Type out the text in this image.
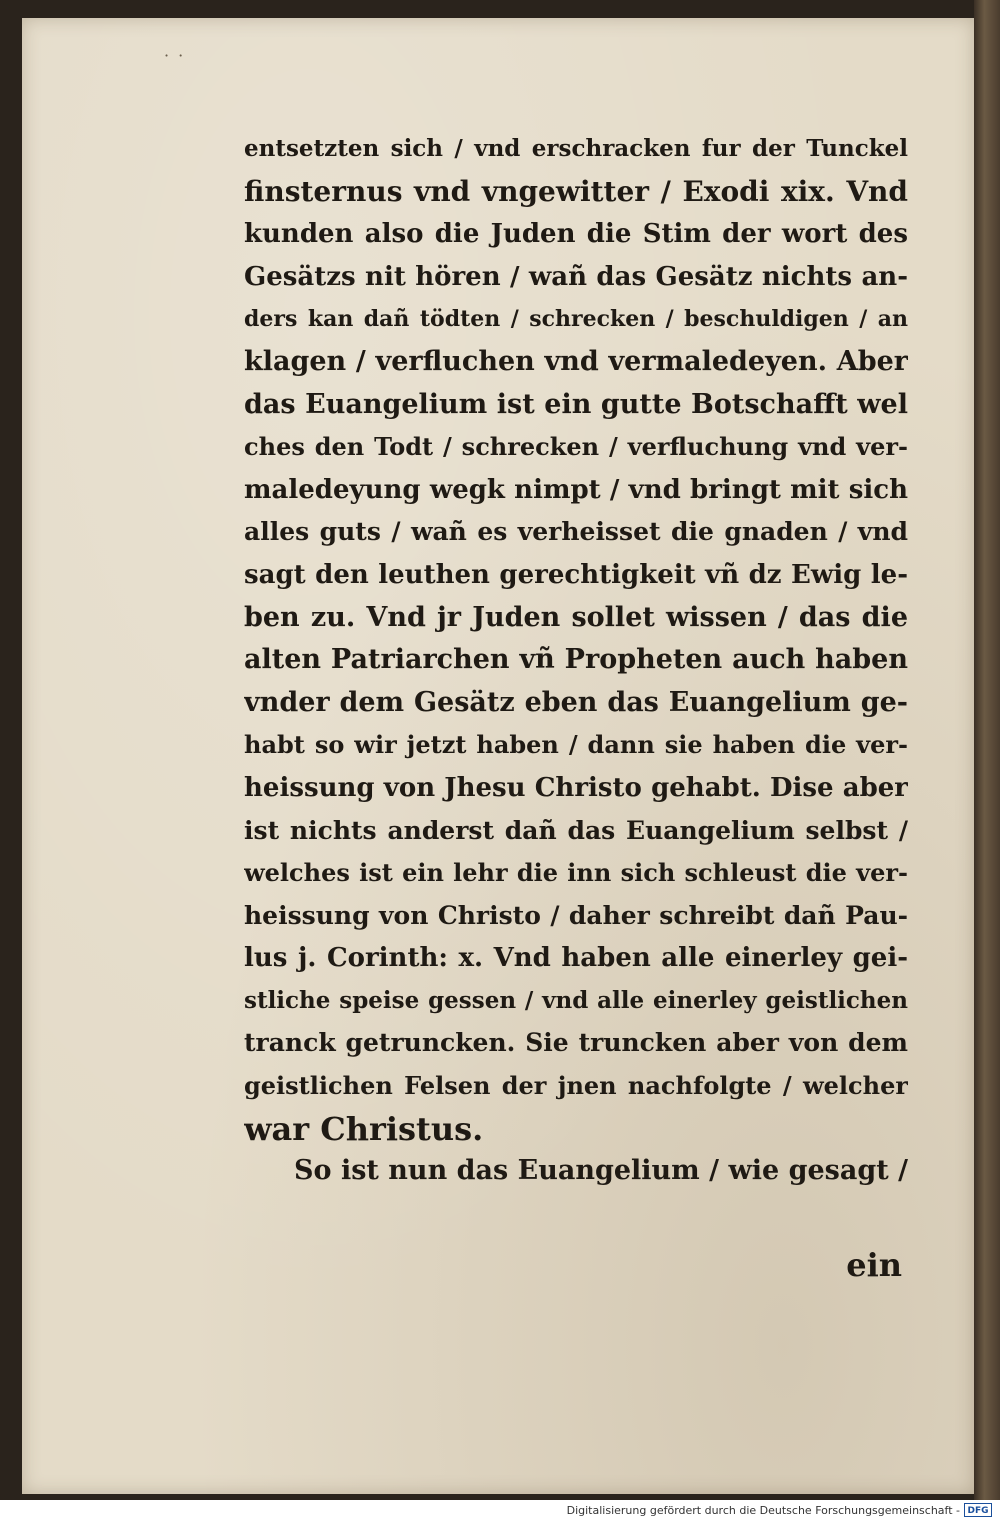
· ·
entsetzten sich / vnd erschracken fur der Tunckel
finsternus vnd vngewitter / Exodi xix. Vnd
kunden also die Juden die Stim der wort des
Gesätzs nit hören / wañ das Gesätz nichts an-
ders kan dañ tödten / schrecken / beschuldigen / an
klagen / verfluchen vnd vermaledeyen. Aber
das Euangelium ist ein gutte Botschafft wel
ches den Todt / schrecken / verfluchung vnd ver-
maledeyung wegk nimpt / vnd bringt mit sich
alles guts / wañ es verheisset die gnaden / vnd
sagt den leuthen gerechtigkeit vñ dz Ewig le-
ben zu. Vnd jr Juden sollet wissen / das die
alten Patriarchen vñ Propheten auch haben
vnder dem Gesätz eben das Euangelium ge-
habt so wir jetzt haben / dann sie haben die ver-
heissung von Jhesu Christo gehabt. Dise aber
ist nichts anderst dañ das Euangelium selbst /
welches ist ein lehr die inn sich schleust die ver-
heissung von Christo / daher schreibt dañ Pau-
lus j. Corinth: x. Vnd haben alle einerley gei-
stliche speise gessen / vnd alle einerley geistlichen
tranck getruncken. Sie truncken aber von dem
geistlichen Felsen der jnen nachfolgte / welcher
war Christus.
So ist nun das Euangelium / wie gesagt /
ein
Digitalisierung gefördert durch die Deutsche Forschungsgemeinschaft - DFG
